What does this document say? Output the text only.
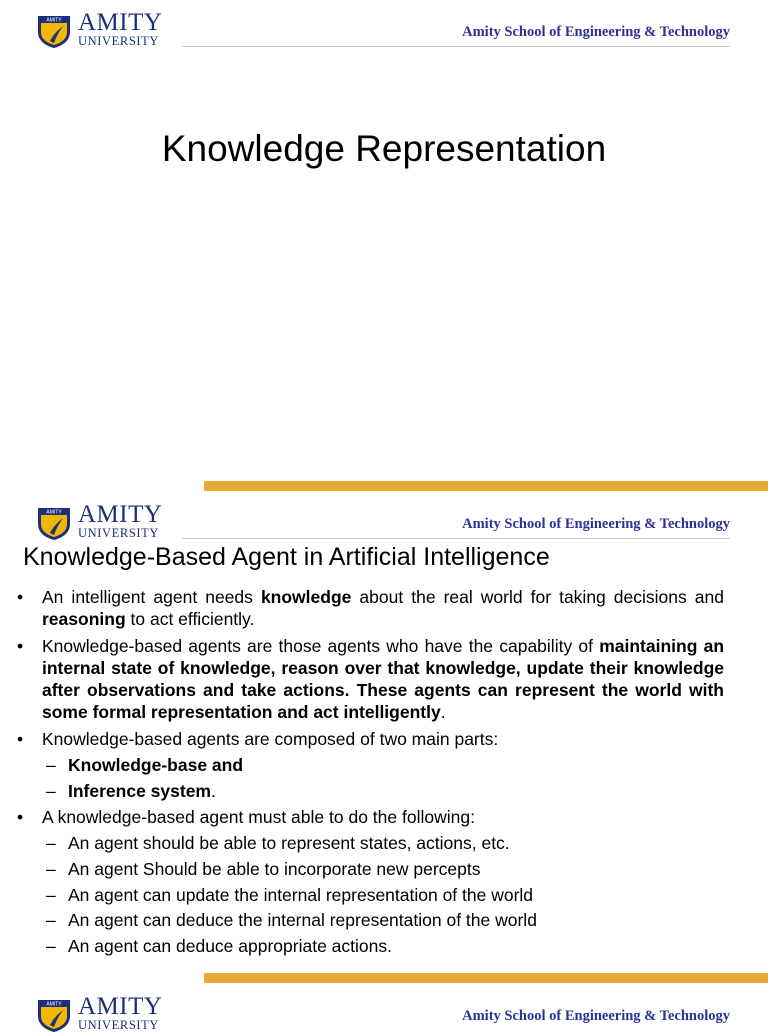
AMITY AMITY
UNIVERSITY
Amity School of Engineering & Technology
Knowledge Representation
AMITY AMITY
UNIVERSITY
Amity School of Engineering & Technology
Knowledge-Based Agent in Artificial Intelligence
• An intelligent agent needs knowledge about the real world for taking decisions and reasoning to act efficiently.
• Knowledge-based agents are those agents who have the capability of maintaining an internal state of knowledge, reason over that knowledge, update their knowledge after observations and take actions. These agents can represent the world with some formal representation and act intelligently.
• Knowledge-based agents are composed of two main parts:
– Knowledge-base and
– Inference system.
• A knowledge-based agent must able to do the following:
– An agent should be able to represent states, actions, etc.
– An agent Should be able to incorporate new percepts
– An agent can update the internal representation of the world
– An agent can deduce the internal representation of the world
– An agent can deduce appropriate actions.
AMITY AMITY
UNIVERSITY
Amity School of Engineering & Technology
